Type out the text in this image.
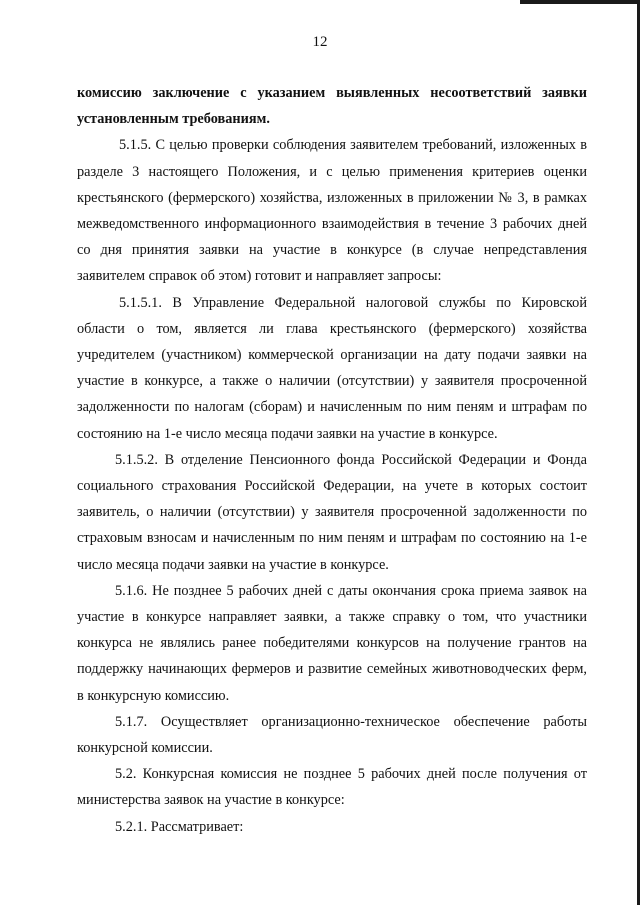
12

комиссию заключение с указанием выявленных несоответствий заявки установленным требованиям.

5.1.5. С целью проверки соблюдения заявителем требований, изложенных в разделе 3 настоящего Положения, и с целью применения критериев оценки крестьянского (фермерского) хозяйства, изложенных в приложении № 3, в рамках межведомственного информационного взаимодействия в течение 3 рабочих дней со дня принятия заявки на участие в конкурсе (в случае непредставления заявителем справок об этом) готовит и направляет запросы:

5.1.5.1. В Управление Федеральной налоговой службы по Кировской области о том, является ли глава крестьянского (фермерского) хозяйства учредителем (участником) коммерческой организации на дату подачи заявки на участие в конкурсе, а также о наличии (отсутствии) у заявителя просроченной задолженности по налогам (сборам) и начисленным по ним пеням и штрафам по состоянию на 1-е число месяца подачи заявки на участие в конкурсе.

5.1.5.2. В отделение Пенсионного фонда Российской Федерации и Фонда социального страхования Российской Федерации, на учете в которых состоит заявитель, о наличии (отсутствии) у заявителя просроченной задолженности по страховым взносам и начисленным по ним пеням и штрафам по состоянию на 1-е число месяца подачи заявки на участие в конкурсе.

5.1.6. Не позднее 5 рабочих дней с даты окончания срока приема заявок на участие в конкурсе направляет заявки, а также справку о том, что участники конкурса не являлись ранее победителями конкурсов на получение грантов на поддержку начинающих фермеров и развитие семейных животноводческих ферм, в конкурсную комиссию.

5.1.7. Осуществляет организационно-техническое обеспечение работы конкурсной комиссии.

5.2. Конкурсная комиссия не позднее 5 рабочих дней после получения от министерства заявок на участие в конкурсе:

5.2.1. Рассматривает:
